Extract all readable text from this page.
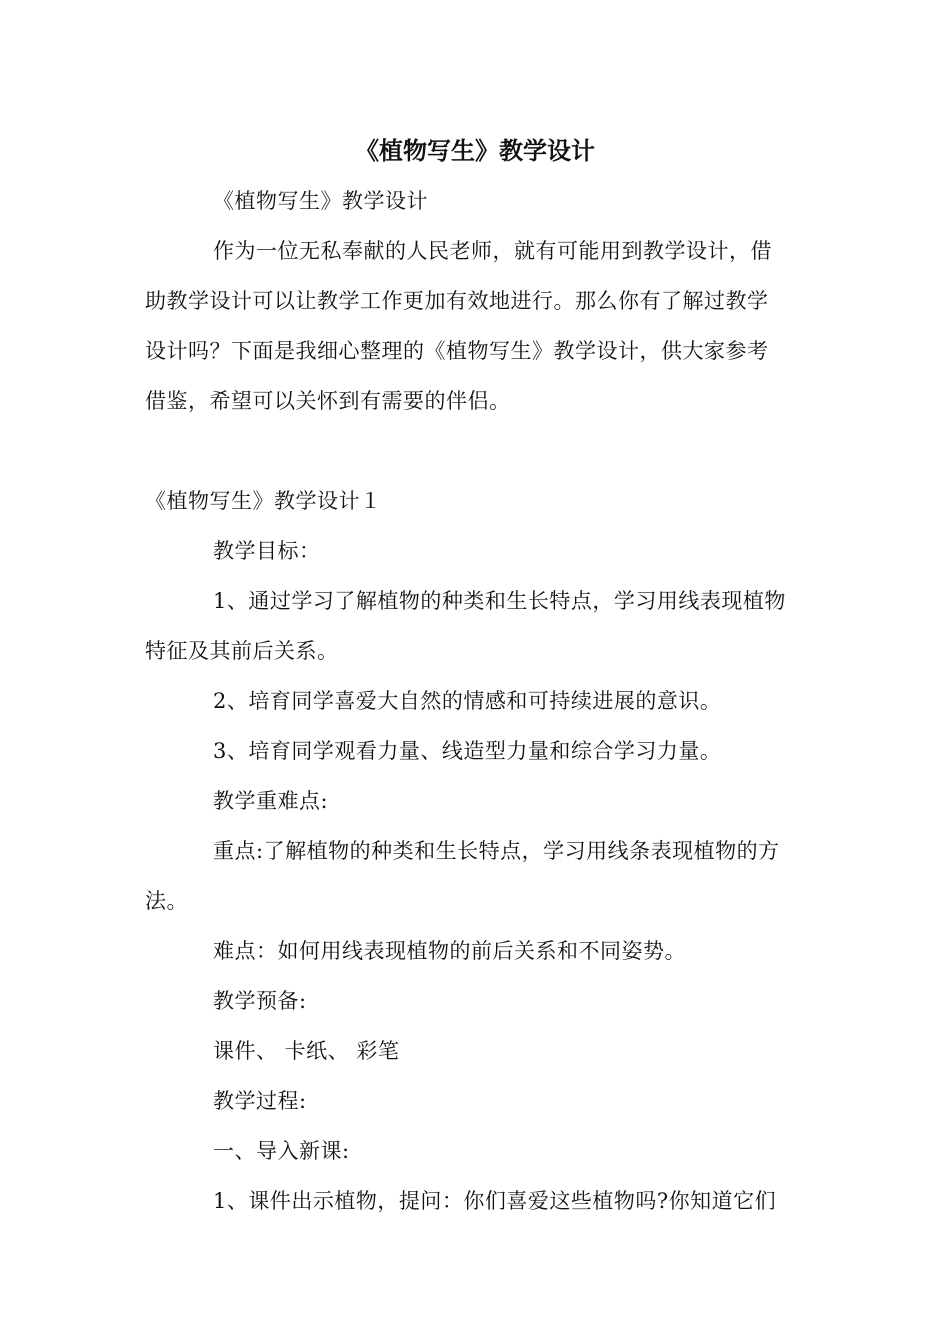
《植物写生》教学设计
《植物写生》教学设计
作为一位无私奉献的人民老师，就有可能用到教学设计，借
助教学设计可以让教学工作更加有效地进行。那么你有了解过教学
设计吗？下面是我细心整理的《植物写生》教学设计，供大家参考
借鉴，希望可以关怀到有需要的伴侣。
《植物写生》教学设计１
教学目标：
1、通过学习了解植物的种类和生长特点，学习用线表现植物
特征及其前后关系。
2、培育同学喜爱大自然的情感和可持续进展的意识。
3、培育同学观看力量、线造型力量和综合学习力量。
教学重难点:
重点:了解植物的种类和生长特点，学习用线条表现植物的方
法。
难点：如何用线表现植物的前后关系和不同姿势。
教学预备:
课件、 卡纸、 彩笔
教学过程:
一、导入新课:
1、课件出示植物，提问：你们喜爱这些植物吗?你知道它们
